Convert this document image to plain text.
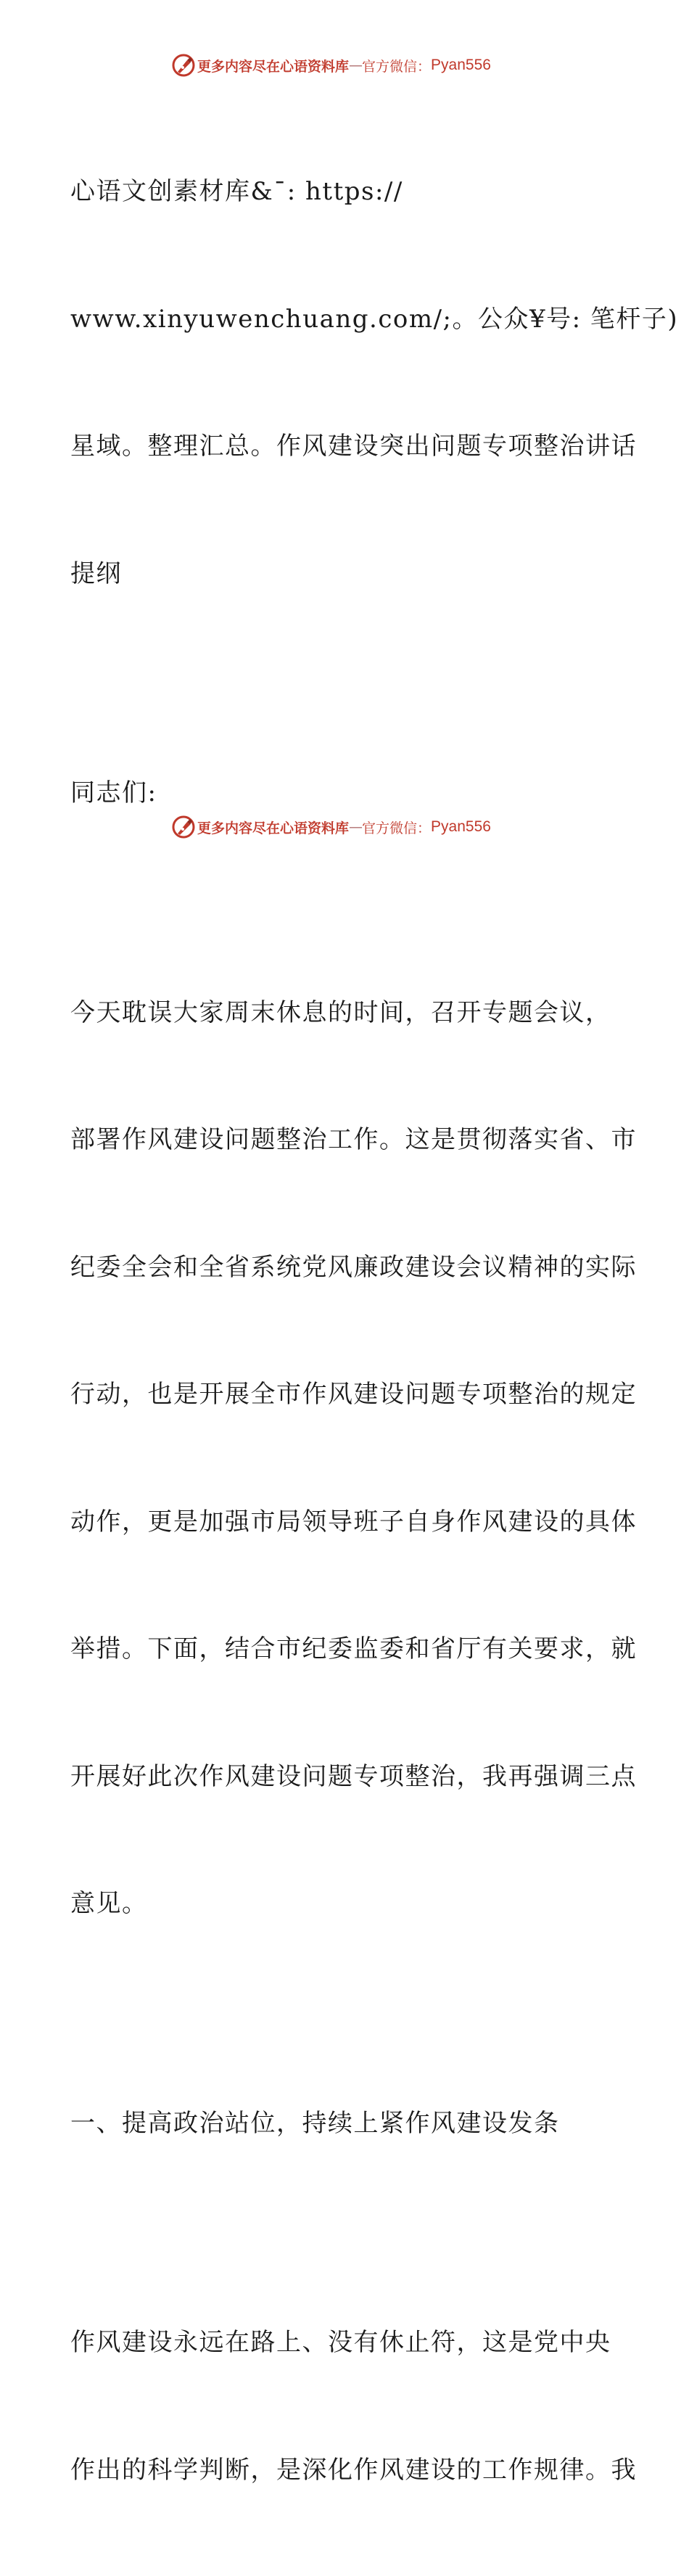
更多内容尽在心语资料库 — 官方微信： Pyan556

心语文创素材库&¯: https://

www.xinyuwenchuang.com/;。公众¥号: 笔杆子)

星域。整理汇总。作风建设突出问题专项整治讲话

提纲

同志们:

今天耽误大家周末休息的时间，召开专题会议，

部署作风建设问题整治工作。这是贯彻落实省、市

纪委全会和全省系统党风廉政建设会议精神的实际

行动，也是开展全市作风建设问题专项整治的规定

动作，更是加强市局领导班子自身作风建设的具体

举措。下面，结合市纪委监委和省厅有关要求，就

开展好此次作风建设问题专项整治，我再强调三点

意见。

一、提高政治站位，持续上紧作风建设发条

作风建设永远在路上、没有休止符，这是党中央

作出的科学判断，是深化作风建设的工作规律。我

更多内容尽在心语资料库 — 官方微信： Pyan556
